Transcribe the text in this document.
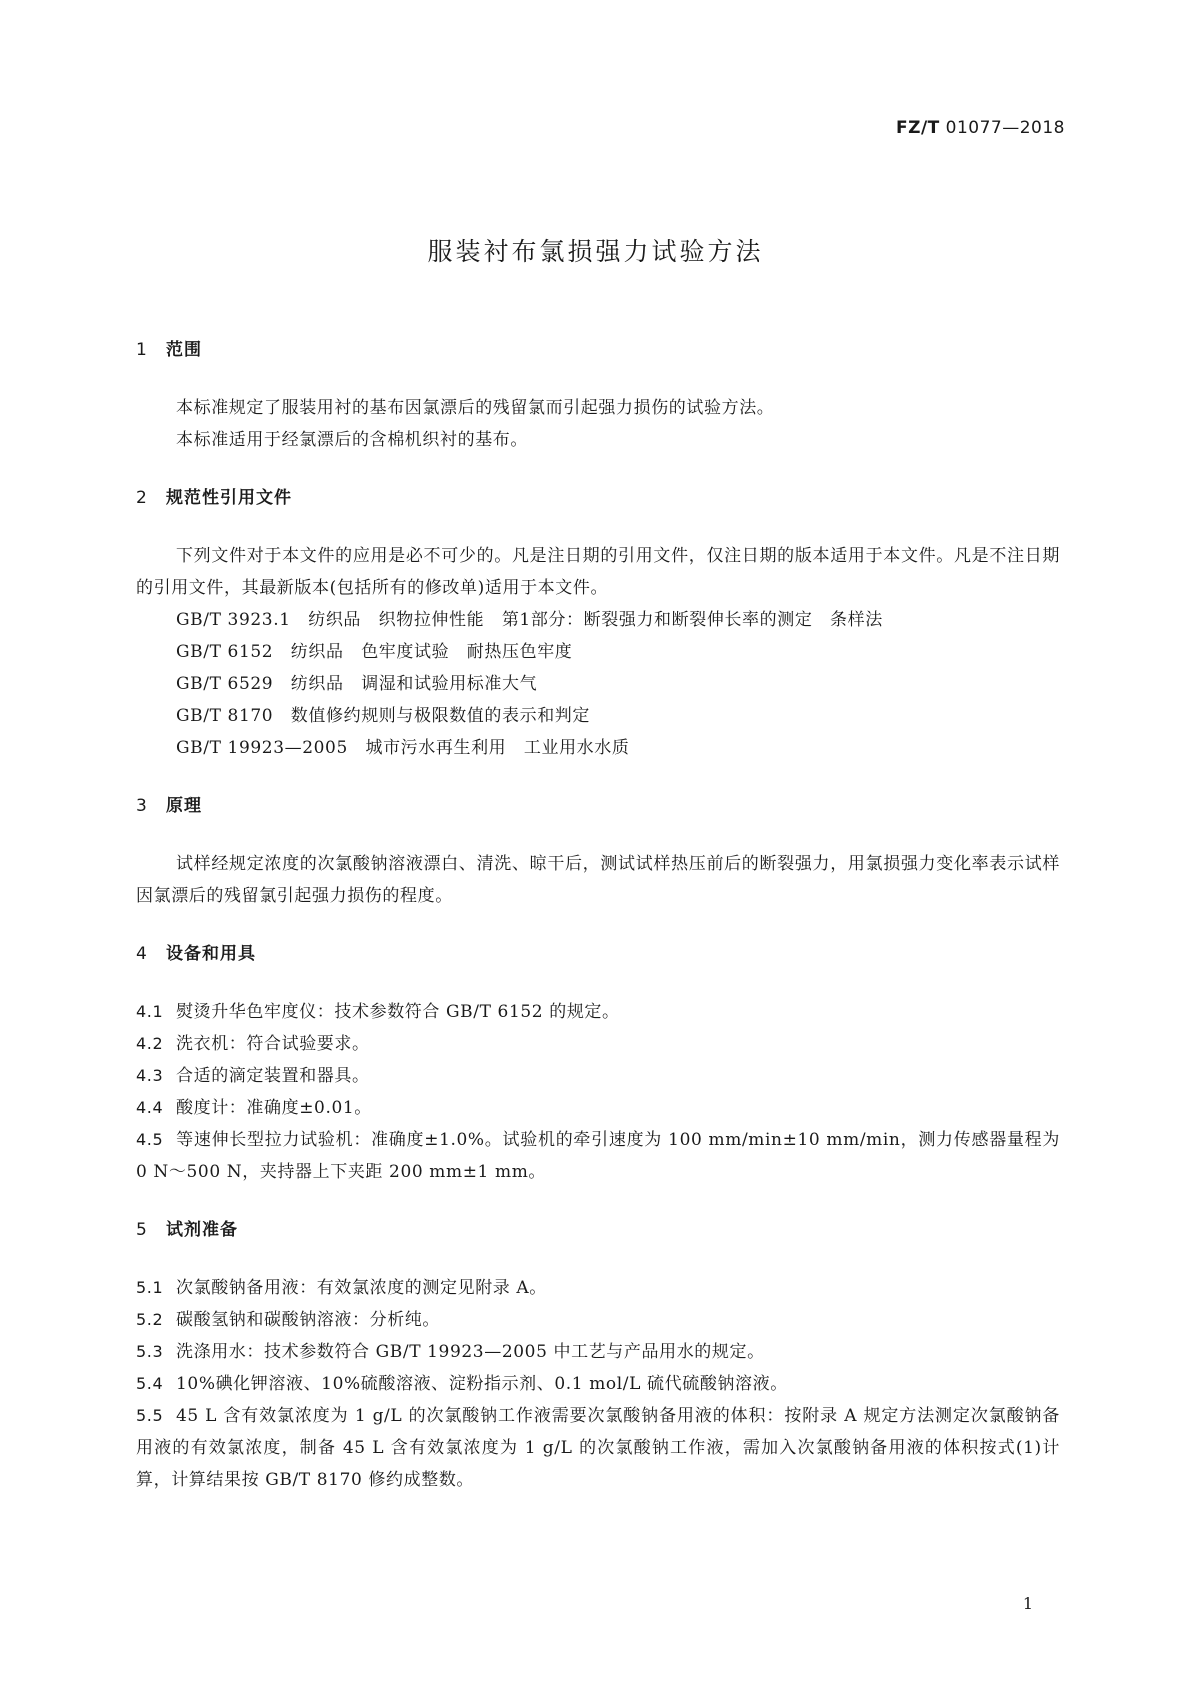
FZ/T 01077—2018
服装衬布氯损强力试验方法
1 范围

本标准规定了服装用衬的基布因氯漂后的残留氯而引起强力损伤的试验方法。

本标准适用于经氯漂后的含棉机织衬的基布。

2 规范性引用文件

下列文件对于本文件的应用是必不可少的。凡是注日期的引用文件，仅注日期的版本适用于本文件。凡是不注日期的引用文件，其最新版本(包括所有的修改单)适用于本文件。

GB/T 3923.1　纺织品　织物拉伸性能　第1部分：断裂强力和断裂伸长率的测定　条样法

GB/T 6152　纺织品　色牢度试验　耐热压色牢度

GB/T 6529　纺织品　调湿和试验用标准大气

GB/T 8170　数值修约规则与极限数值的表示和判定

GB/T 19923—2005　城市污水再生利用　工业用水水质

3 原理

试样经规定浓度的次氯酸钠溶液漂白、清洗、晾干后，测试试样热压前后的断裂强力，用氯损强力变化率表示试样因氯漂后的残留氯引起强力损伤的程度。

4 设备和用具

4.1 熨烫升华色牢度仪：技术参数符合 GB/T 6152 的规定。

4.2 洗衣机：符合试验要求。

4.3 合适的滴定装置和器具。

4.4 酸度计：准确度±0.01。

4.5 等速伸长型拉力试验机：准确度±1.0%。试验机的牵引速度为 100 mm/min±10 mm/min，测力传感器量程为 0 N～500 N，夹持器上下夹距 200 mm±1 mm。

5 试剂准备

5.1 次氯酸钠备用液：有效氯浓度的测定见附录 A。

5.2 碳酸氢钠和碳酸钠溶液：分析纯。

5.3 洗涤用水：技术参数符合 GB/T 19923—2005 中工艺与产品用水的规定。

5.4 10%碘化钾溶液、10%硫酸溶液、淀粉指示剂、0.1 mol/L 硫代硫酸钠溶液。

5.5 45 L 含有效氯浓度为 1 g/L 的次氯酸钠工作液需要次氯酸钠备用液的体积：按附录 A 规定方法测定次氯酸钠备用液的有效氯浓度，制备 45 L 含有效氯浓度为 1 g/L 的次氯酸钠工作液，需加入次氯酸钠备用液的体积按式(1)计算，计算结果按 GB/T 8170 修约成整数。

1
